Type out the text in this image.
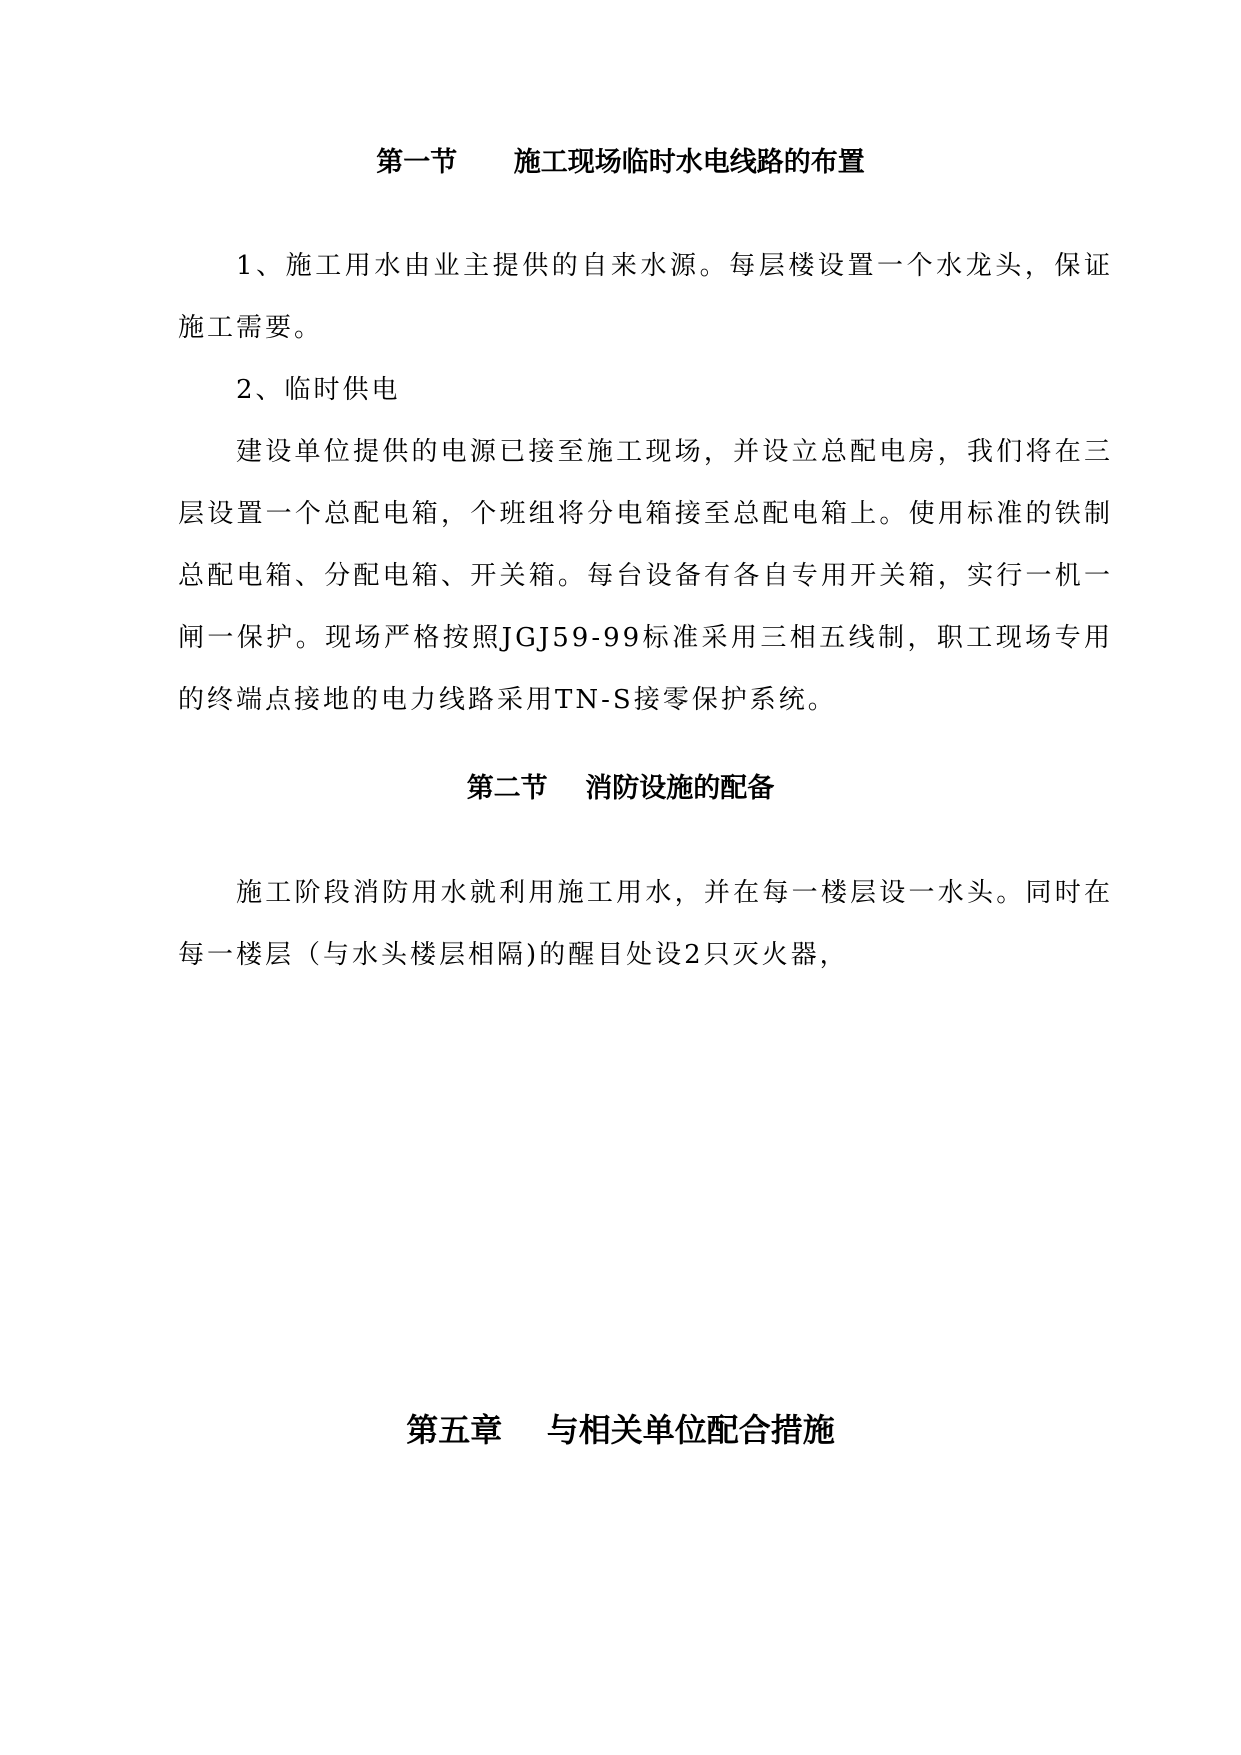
第一节      施工现场临时水电线路的布置

1、施工用水由业主提供的自来水源。每层楼设置一个水龙头，保证施工需要。

2、临时供电

建设单位提供的电源已接至施工现场，并设立总配电房，我们将在三层设置一个总配电箱，个班组将分电箱接至总配电箱上。使用标准的铁制总配电箱、分配电箱、开关箱。每台设备有各自专用开关箱，实行一机一闸一保护。现场严格按照JGJ59-99标准采用三相五线制，职工现场专用的终端点接地的电力线路采用TN-S接零保护系统。

第二节    消防设施的配备

施工阶段消防用水就利用施工用水，并在每一楼层设一水头。同时在每一楼层（与水头楼层相隔)的醒目处设2只灭火器，

第五章    与相关单位配合措施
